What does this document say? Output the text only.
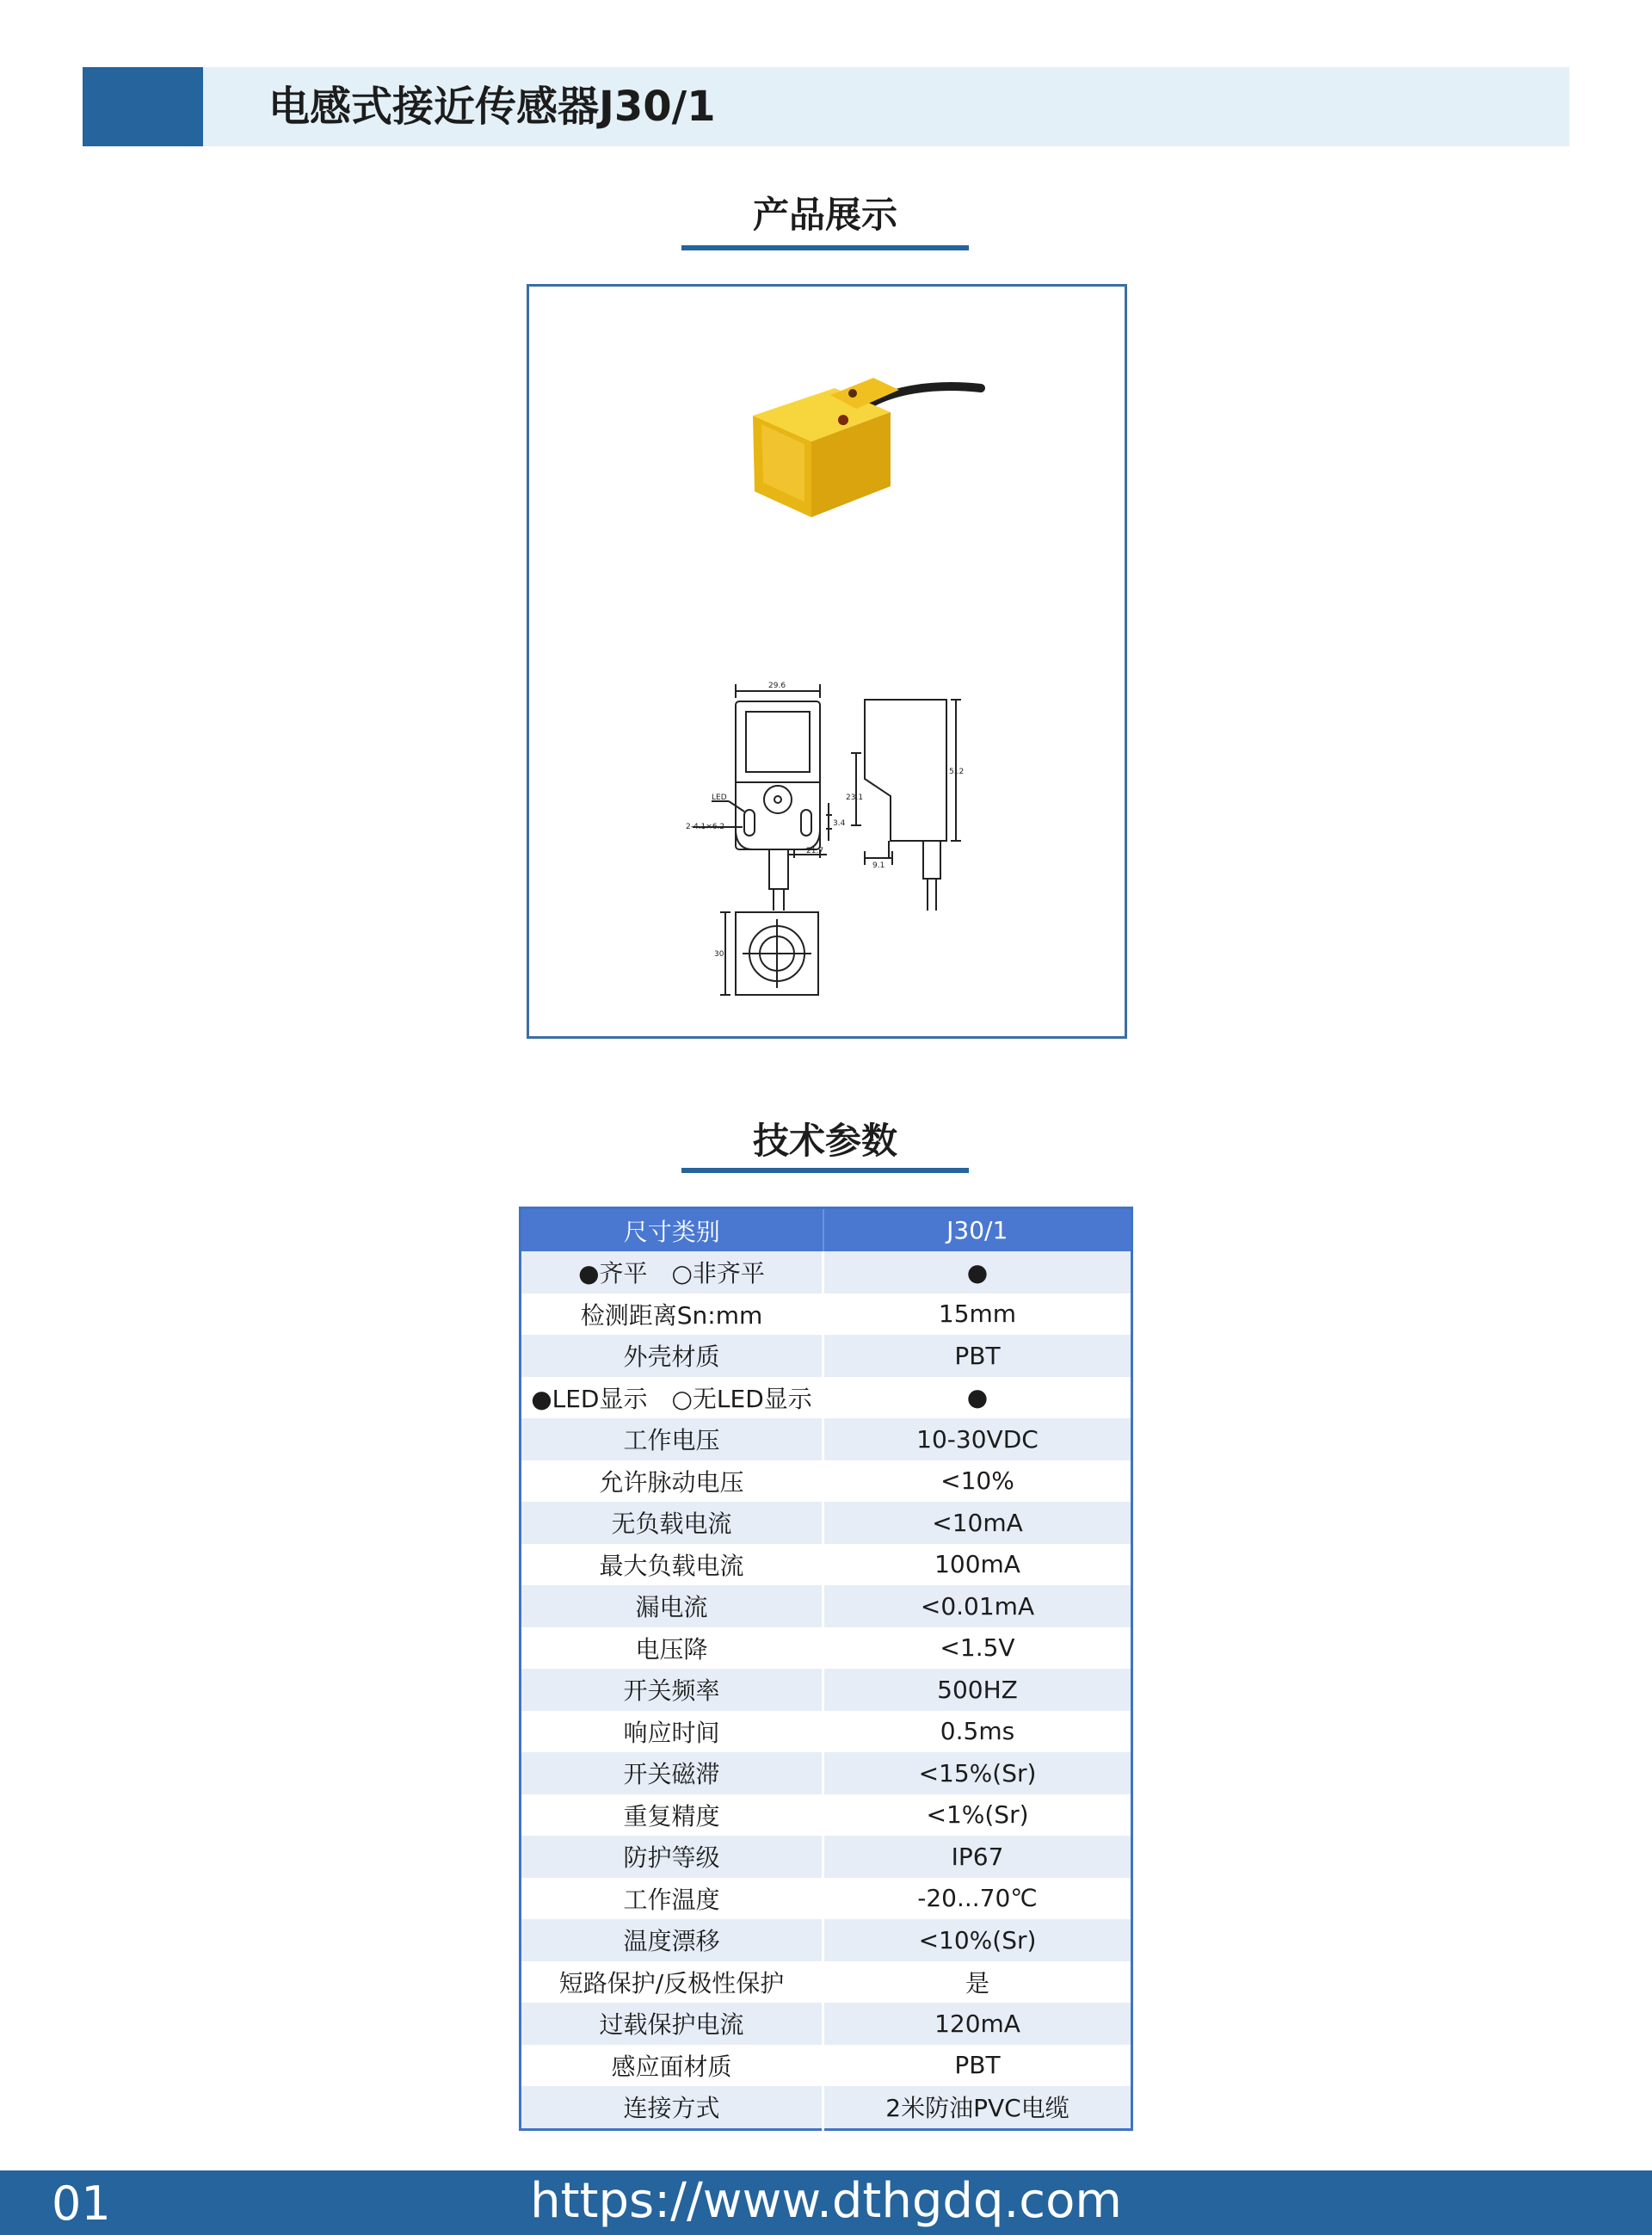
电感式接近传感器J30/1
产品展示
29.6
5..2
23.1
3.4
21.7
9.1
2-4.1×6.2
30
LED
技术参数
尺寸类别	J30/1
●齐平　○非齐平	●
检测距离Sn:mm	15mm
外壳材质	PBT
●LED显示　○无LED显示	●
工作电压	10-30VDC
允许脉动电压	<10%
无负载电流	<10mA
最大负载电流	100mA
漏电流	<0.01mA
电压降	<1.5V
开关频率	500HZ
响应时间	0.5ms
开关磁滞	<15%(Sr)
重复精度	<1%(Sr)
防护等级	IP67
工作温度	-20...70℃
温度漂移	<10%(Sr)
短路保护/反极性保护	是
过载保护电流	120mA
感应面材质	PBT
连接方式	2米防油PVC电缆
https://www.dthgdq.com
01
